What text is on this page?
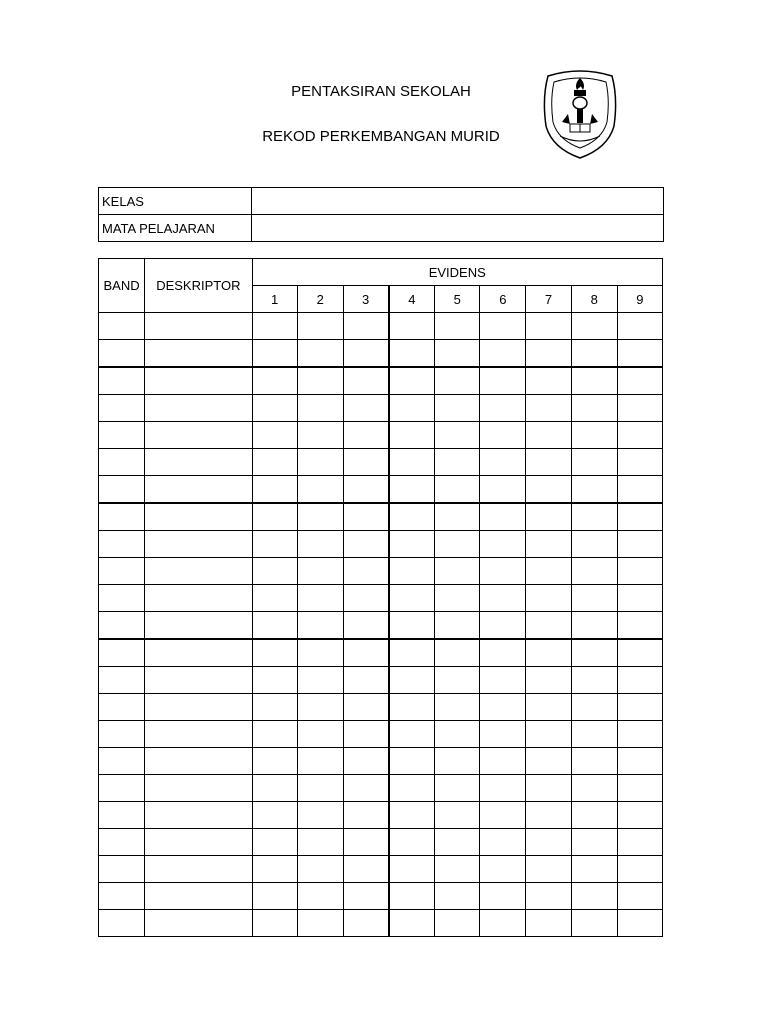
PENTAKSIRAN SEKOLAH
REKOD PERKEMBANGAN MURID
KELAS	
MATA PELAJARAN	
BAND	DESKRIPTOR	EVIDENS								
		1	2	3	4	5	6	7	8	9
